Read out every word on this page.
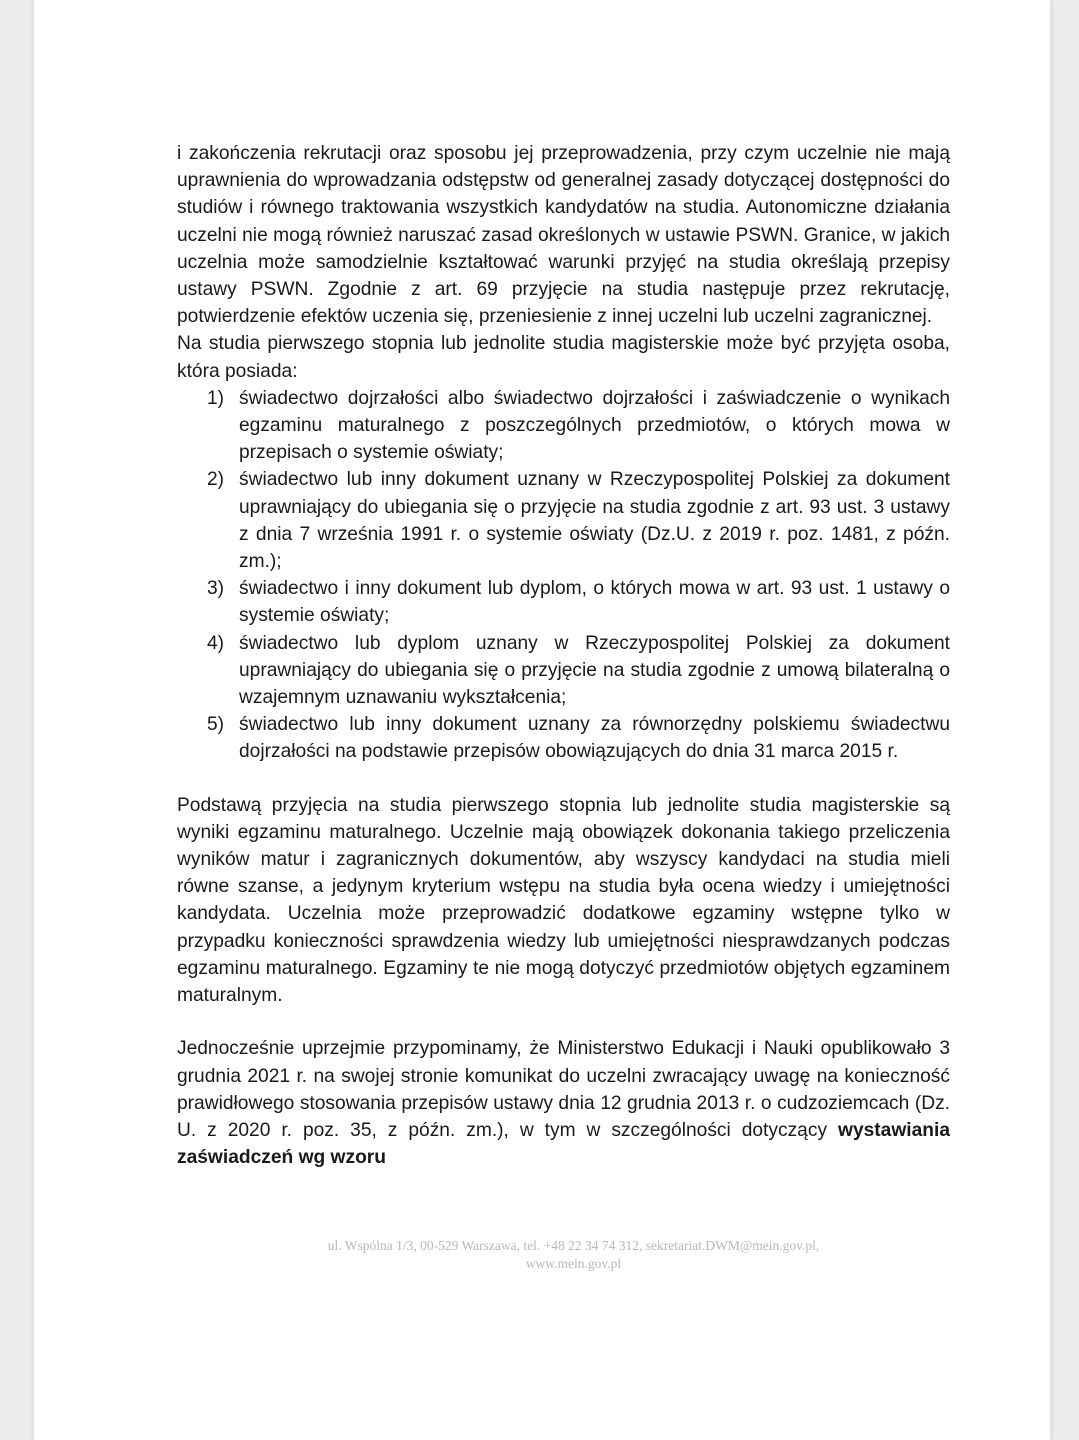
i zakończenia rekrutacji oraz sposobu jej przeprowadzenia, przy czym uczelnie nie mają uprawnienia do wprowadzania odstępstw od generalnej zasady dotyczącej dostępności do studiów i równego traktowania wszystkich kandydatów na studia. Autonomiczne działania uczelni nie mogą również naruszać zasad określonych w ustawie PSWN. Granice, w jakich uczelnia może samodzielnie kształtować warunki przyjęć na studia określają przepisy ustawy PSWN. Zgodnie z art. 69 przyjęcie na studia następuje przez rekrutację, potwierdzenie efektów uczenia się, przeniesienie z innej uczelni lub uczelni zagranicznej.

Na studia pierwszego stopnia lub jednolite studia magisterskie może być przyjęta osoba, która posiada:

1) świadectwo dojrzałości albo świadectwo dojrzałości i zaświadczenie o wynikach egzaminu maturalnego z poszczególnych przedmiotów, o których mowa w przepisach o systemie oświaty;
2) świadectwo lub inny dokument uznany w Rzeczypospolitej Polskiej za dokument uprawniający do ubiegania się o przyjęcie na studia zgodnie z art. 93 ust. 3 ustawy z dnia 7 września 1991 r. o systemie oświaty (Dz.U. z 2019 r. poz. 1481, z późn. zm.);
3) świadectwo i inny dokument lub dyplom, o których mowa w art. 93 ust. 1 ustawy o systemie oświaty;
4) świadectwo lub dyplom uznany w Rzeczypospolitej Polskiej za dokument uprawniający do ubiegania się o przyjęcie na studia zgodnie z umową bilateralną o wzajemnym uznawaniu wykształcenia;
5) świadectwo lub inny dokument uznany za równorzędny polskiemu świadectwu dojrzałości na podstawie przepisów obowiązujących do dnia 31 marca 2015 r.

Podstawą przyjęcia na studia pierwszego stopnia lub jednolite studia magisterskie są wyniki egzaminu maturalnego. Uczelnie mają obowiązek dokonania takiego przeliczenia wyników matur i zagranicznych dokumentów, aby wszyscy kandydaci na studia mieli równe szanse, a jedynym kryterium wstępu na studia była ocena wiedzy i umiejętności kandydata. Uczelnia może przeprowadzić dodatkowe egzaminy wstępne tylko w przypadku konieczności sprawdzenia wiedzy lub umiejętności niesprawdzanych podczas egzaminu maturalnego. Egzaminy te nie mogą dotyczyć przedmiotów objętych egzaminem maturalnym.

Jednocześnie uprzejmie przypominamy, że Ministerstwo Edukacji i Nauki opublikowało 3 grudnia 2021 r. na swojej stronie komunikat do uczelni zwracający uwagę na konieczność prawidłowego stosowania przepisów ustawy dnia 12 grudnia 2013 r. o cudzoziemcach (Dz. U. z 2020 r. poz. 35, z późn. zm.), w tym w szczególności dotyczący wystawiania zaświadczeń wg wzoru

ul. Wspólna 1/3, 00-529 Warszawa, tel. +48 22 34 74 312, sekretariat.DWM@mein.gov.pl,
www.mein.gov.pl
